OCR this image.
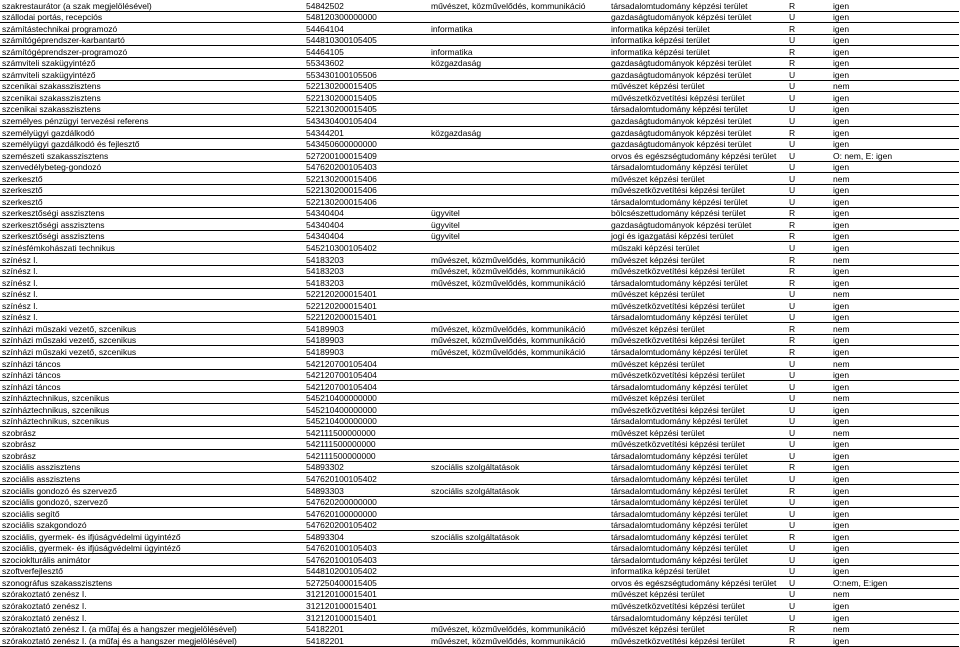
szakrestaurátor (a szak megjelölésével)	54842502	művészet, közművelődés, kommunikáció	társadalomtudomány képzési terület	R	igen
szállodai portás, recepciós	548120300000000		gazdaságtudományok képzési terület	U	igen
számítástechnikai programozó	54464104	informatika	informatika képzési terület	R	igen
számítógéprendszer-karbantartó	544810300105405		informatika képzési terület	U	igen
számítógéprendszer-programozó	54464105	informatika	informatika képzési terület	R	igen
számviteli szakügyintéző	55343602	közgazdaság	gazdaságtudományok képzési terület	R	igen
számviteli szakügyintéző	553430100105506		gazdaságtudományok képzési terület	U	igen
szcenikai szakasszisztens	522130200015405		művészet képzési terület	U	nem
szcenikai szakasszisztens	522130200015405		művészetközvetítési képzési terület	U	igen
szcenikai szakasszisztens	522130200015405		társadalomtudomány képzési terület	U	igen
személyes pénzügyi tervezési referens	543430400105404		gazdaságtudományok képzési terület	U	igen
személyügyi gazdálkodó	54344201	közgazdaság	gazdaságtudományok képzési terület	R	igen
személyügyi gazdálkodó és fejlesztő	543450600000000		gazdaságtudományok képzési terület	U	igen
szemészeti szakasszisztens	527200100015409		orvos és egészségtudomány képzési terület	U	O: nem, E: igen
szenvedélybeteg-gondozó	547620200105403		társadalomtudomány képzési terület	U	igen
szerkesztő	522130200015406		művészet képzési terület	U	nem
szerkesztő	522130200015406		művészetközvetítési képzési terület	U	igen
szerkesztő	522130200015406		társadalomtudomány képzési terület	U	igen
szerkesztőségi asszisztens	54340404	ügyvitel	bölcsészettudomány képzési terület	R	igen
szerkesztőségi asszisztens	54340404	ügyvitel	gazdaságtudományok képzési terület	R	igen
szerkesztőségi asszisztens	54340404	ügyvitel	jogi és igazgatási képzési terület	R	igen
színésfémkohászati technikus	545210300105402		műszaki képzési terület	U	igen
színész I.	54183203	művészet, közművelődés, kommunikáció	művészet képzési terület	R	nem
színész I.	54183203	művészet, közművelődés, kommunikáció	művészetközvetítési képzési terület	R	igen
színész I.	54183203	művészet, közművelődés, kommunikáció	társadalomtudomány képzési terület	R	igen
színész I.	522120200015401		művészet képzési terület	U	nem
színész I.	522120200015401		művészetközvetítési képzési terület	U	igen
színész I.	522120200015401		társadalomtudomány képzési terület	U	igen
színházi műszaki vezető, szcenikus	54189903	művészet, közművelődés, kommunikáció	művészet képzési terület	R	nem
színházi műszaki vezető, szcenikus	54189903	művészet, közművelődés, kommunikáció	művészetközvetítési képzési terület	R	igen
színházi műszaki vezető, szcenikus	54189903	művészet, közművelődés, kommunikáció	társadalomtudomány képzési terület	R	igen
színházi táncos	542120700105404		művészet képzési terület	U	nem
színházi táncos	542120700105404		művészetközvetítési képzési terület	U	igen
színházi táncos	542120700105404		társadalomtudomány képzési terület	U	igen
színháztechnikus, szcenikus	545210400000000		művészet képzési terület	U	nem
színháztechnikus, szcenikus	545210400000000		művészetközvetítési képzési terület	U	igen
színháztechnikus, szcenikus	545210400000000		társadalomtudomány képzési terület	U	igen
szobrász	542111500000000		művészet képzési terület	U	nem
szobrász	542111500000000		művészetközvetítési képzési terület	U	igen
szobrász	542111500000000		társadalomtudomány képzési terület	U	igen
szociális asszisztens	54893302	szociális szolgáltatások	társadalomtudomány képzési terület	R	igen
szociális asszisztens	547620100105402		társadalomtudomány képzési terület	U	igen
szociális gondozó és szervező	54893303	szociális szolgáltatások	társadalomtudomány képzési terület	R	igen
szociális gondozó, szervező	547620200000000		társadalomtudomány képzési terület	U	igen
szociális segítő	547620100000000		társadalomtudomány képzési terület	U	igen
szociális szakgondozó	547620200105402		társadalomtudomány képzési terület	U	igen
szociális, gyermek- és ifjúságvédelmi ügyintéző	54893304	szociális szolgáltatások	társadalomtudomány képzési terület	R	igen
szociális, gyermek- és ifjúságvédelmi ügyintéző	547620100105403		társadalomtudomány képzési terület	U	igen
szocioklturális animátor	547620100105403		társadalomtudomány képzési terület	U	igen
szoftverfejlesztő	544810200105402		informatika képzési terület	U	igen
szonográfus szakasszisztens	527250400015405		orvos és egészségtudomány képzési terület	U	O:nem, E:igen
szórakoztató zenész I.	312120100015401		művészet képzési terület	U	nem
szórakoztató zenész I.	312120100015401		művészetközvetítési képzési terület	U	igen
szórakoztató zenész I.	312120100015401		társadalomtudomány képzési terület	U	igen
szórakoztató zenész I. (a műfaj és a hangszer megjelölésével)	54182201	művészet, közművelődés, kommunikáció	művészet képzési terület	R	nem
szórakoztató zenész I. (a műfaj és a hangszer megjelölésével)	54182201	művészet, közművelődés, kommunikáció	művészetközvetítési képzési terület	R	igen
